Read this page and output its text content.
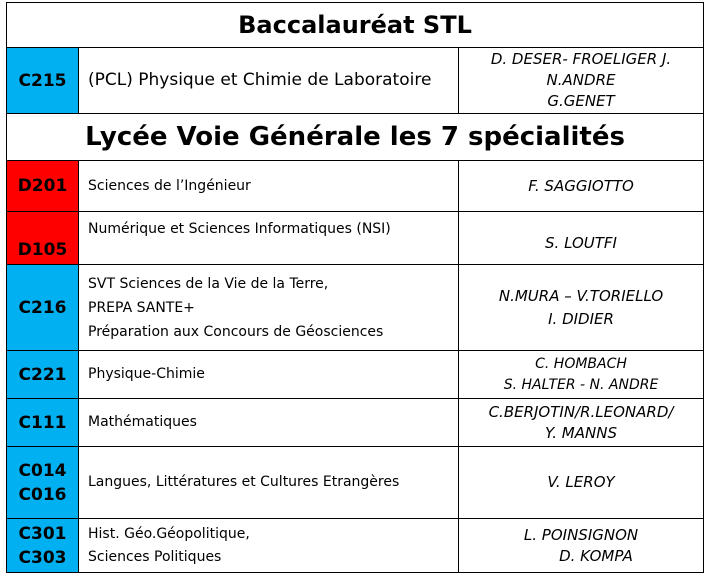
Baccalauréat STL		

C215	(PCL) Physique et Chimie de Laboratoire	D. DESER- FROELIGER J.
N.ANDRE
G.GENET

Lycée Voie Générale les 7 spécialités		

D201	Sciences de l’Ingénieur	F. SAGGIOTTO

D105	Numérique et Sciences Informatiques (NSI)	S. LOUTFI

C216	SVT Sciences de la Vie de la Terre,
PREPA SANTE+
Préparation aux Concours de Géosciences	N.MURA – V.TORIELLO
I. DIDIER

C221	Physique-Chimie	C. HOMBACH
S. HALTER - N. ANDRE

C111	Mathématiques	C.BERJOTIN/R.LEONARD/
Y. MANNS

C014
C016	Langues, Littératures et Cultures Etrangères	V. LEROY

C301
C303	Hist. Géo.Géopolitique,
Sciences Politiques	L. POINSIGNON
D. KOMPA
